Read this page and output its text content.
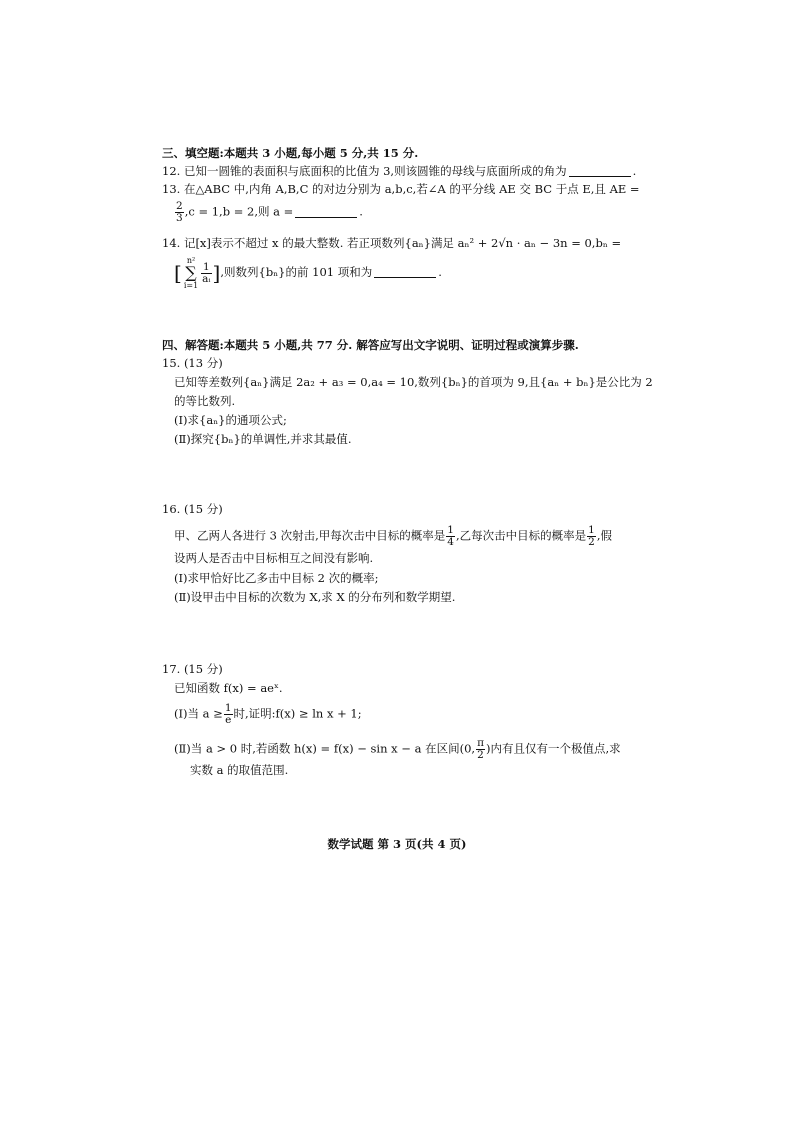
三、填空题:本题共 3 小题,每小题 5 分,共 15 分.
12. 已知一圆锥的表面积与底面积的比值为 3,则该圆锥的母线与底面所成的角为	.
13. 在△ABC 中,内角 A,B,C 的对边分别为 a,b,c,若∠A 的平分线 AE 交 BC 于点 E,且 AE =
$\frac{2}{3} ,c = 1,b = 2$,则 a =	.
14. 记[x]表示不超过 x 的最大整数. 若正项数列{aₙ}满足 aₙ² + 2√n · aₙ − 3n = 0,bₙ =
[n²
∑
i=1
$\frac{1}{\text{aᵢ}}$ ],则数列{bₙ}的前 101 项和为	.
四、解答题:本题共 5 小题,共 77 分. 解答应写出文字说明、证明过程或演算步骤.
15. (13 分)
已知等差数列{aₙ}满足 2a₂ + a₃ = 0,a₄ = 10,数列{bₙ}的首项为 9,且{aₙ + bₙ}是公比为 2
的等比数列.
(Ⅰ)求{aₙ}的通项公式;
(Ⅱ)探究{bₙ}的单调性,并求其最值.
16. (15 分)
甲、乙两人各进行 3 次射击,甲每次击中目标的概率是 $\frac{1}{4}$ ,乙每次击中目标的概率是 $\frac{1}{2}$ ,假
设两人是否击中目标相互之间没有影响.
(Ⅰ)求甲恰好比乙多击中目标 2 次的概率;
(Ⅱ)设甲击中目标的次数为 X,求 X 的分布列和数学期望.
17. (15 分)
已知函数 f(x) = aeˣ.
(Ⅰ)当 $a \ge \frac{1}{e}$ 时,证明:f(x) ≥ ln x + 1;
(Ⅱ)当 a > 0 时,若函数 h(x) = f(x) − sin x − a 在区间(0, $\frac{\pi}{2}$ )内有且仅有一个极值点,求
实数 a 的取值范围.
数学试题 第 3 页(共 4 页)
